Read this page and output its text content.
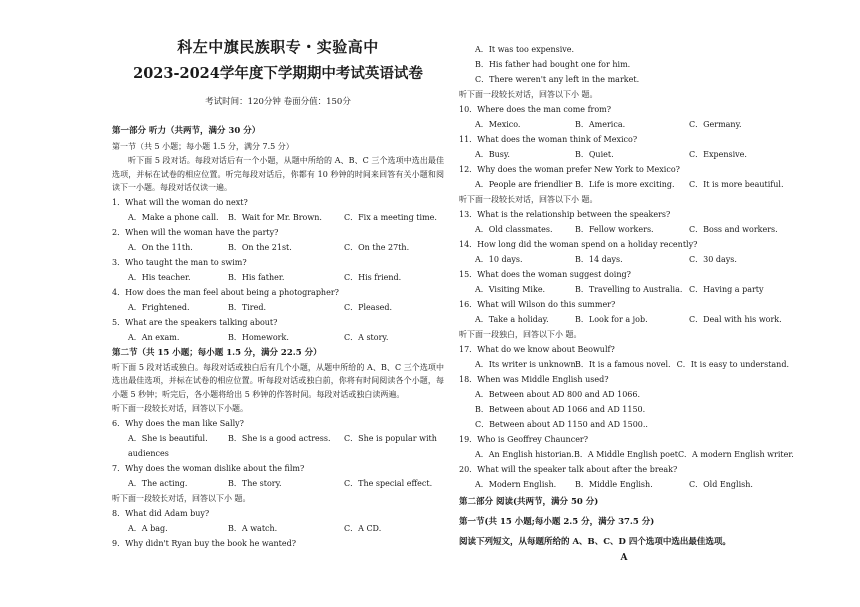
科左中旗民族职专・实验高中
2023-2024学年度下学期期中考试英语试卷
考试时间：120分钟 卷面分值：150分
第一部分 听力（共两节，满分 30 分）
第一节（共 5 小题；每小题 1.5 分，满分 7.5 分）
听下面 5 段对话。每段对话后有一个小题，从题中所给的 A、B、C 三个选项中选出最佳选项，并标在试卷的相应位置。听完每段对话后，你都有 10 秒钟的时间来回答有关小题和阅读下一小题。每段对话仅读一遍。
1．What will the woman do next?
A．Make a phone call.	B．Wait for Mr. Brown.	C．Fix a meeting time.
2．When will the woman have the party?
A．On the 11th.	B．On the 21st.	C．On the 27th.
3．Who taught the man to swim?
A．His teacher.	B．His father.	C．His friend.
4．How does the man feel about being a photographer?
A．Frightened.	B．Tired.	C．Pleased.
5．What are the speakers talking about?
A．An exam.	B．Homework.	C．A story.
第二节（共 15 小题；每小题 1.5 分，满分 22.5 分）
听下面 5 段对话或独白。每段对话或独白后有几个小题，从题中所给的 A、B、C 三个选项中选出最佳选项，并标在试卷的相应位置。听每段对话或独白前，你将有时间阅读各个小题，每小题 5 秒钟；听完后，各小题将给出 5 秒钟的作答时间。每段对话或独白读两遍。
听下面一段较长对话，回答以下小题。
6．Why does the man like Sally?
A．She is beautiful.	B．She is a good actress.	C．She is popular with
audiences
7．Why does the woman dislike about the film?
A．The acting.	B．The story.	C．The special effect.
听下面一段较长对话，回答以下小 题。
8．What did Adam buy?
A．A bag.	B．A watch.	C．A CD.
9．Why didn't Ryan buy the book he wanted?
A．It was too expensive.
B．His father had bought one for him.
C．There weren't any left in the market.
听下面一段较长对话，回答以下小 题。
10．Where does the man come from?
A．Mexico.	B．America.	C．Germany.
11．What does the woman think of Mexico?
A．Busy.	B．Quiet.	C．Expensive.
12．Why does the woman prefer New York to Mexico?
A．People are friendlier B．Life is more exciting.	C．It is more beautiful.
听下面一段较长对话，回答以下小 题。
13．What is the relationship between the speakers?
A．Old classmates.	B．Fellow workers.	C．Boss and workers.
14．How long did the woman spend on a holiday recently?
A．10 days.	B．14 days.	C．30 days.
15．What does the woman suggest doing?
A．Visiting Mike.	B．Travelling to Australia. C．Having a party
16．What will Wilson do this summer?
A．Take a holiday.	B．Look for a job.	C．Deal with his work.
听下面一段独白，回答以下小 题。
17．What do we know about Beowulf?
A．Its writer is unknown.
B．It is a famous novel. C．It is easy to understand.
18．When was Middle English used?
A．Between about AD 800 and AD 1066.
B．Between about AD 1066 and AD 1150.
C．Between about AD 1150 and AD 1500..
19．Who is Geoffrey Chauncer?
A．An English historian. B．A Middle English poet C．A modern English writer.
20．What will the speaker talk about after the break?
A．Modern English.	B．Middle English.	C．Old English.
第二部分 阅读(共两节，满分 50 分)
第一节(共 15 小题;每小题 2.5 分，满分 37.5 分)
阅读下列短文，从每题所给的 A、B、C、D 四个选项中选出最佳选项。
A
